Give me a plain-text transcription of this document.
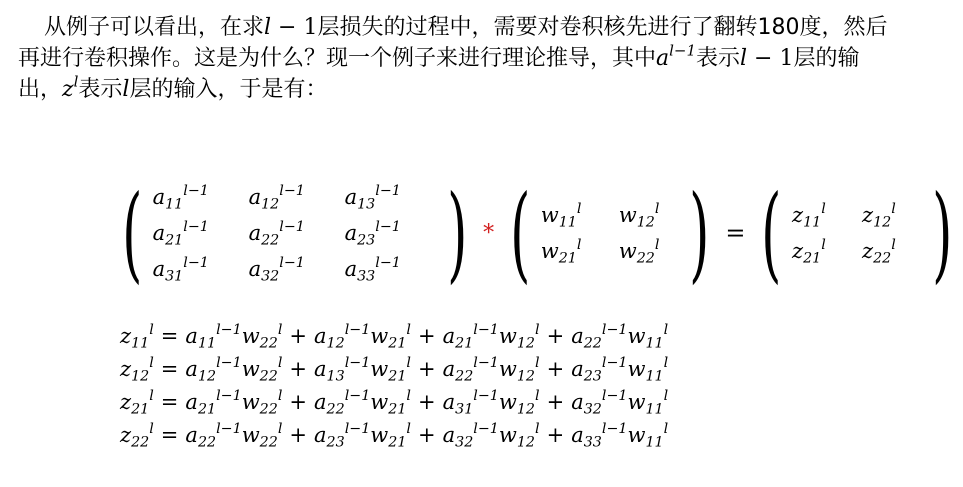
从例子可以看出，在求l − 1层损失的过程中，需要对卷积核先进行了翻转180度，然后再进行卷积操作。这是为什么？现一个例子来进行理论推导，其中$a^{l-1}$表示l − 1层的输出，$z^l$表示l层的输入，于是有：

( $a_{11}^{l-1}$	$a_{12}^{l-1}$	$a_{13}^{l-1}$
$a_{21}^{l-1}$	$a_{22}^{l-1}$	$a_{23}^{l-1}$
$a_{31}^{l-1}$	$a_{32}^{l-1}$	$a_{33}^{l-1}$ ) * ( $w_{11}^l$	$w_{12}^l$
$w_{21}^l$	$w_{22}^l$ ) = ( $z_{11}^l$	$z_{12}^l$
$z_{21}^l$	$z_{22}^l$ )
$z_{11}^l = a_{11}^{l-1}w_{22}^l + a_{12}^{l-1}w_{21}^l + a_{21}^{l-1}w_{12}^l + a_{22}^{l-1}w_{11}^l$
$z_{12}^l = a_{12}^{l-1}w_{22}^l + a_{13}^{l-1}w_{21}^l + a_{22}^{l-1}w_{12}^l + a_{23}^{l-1}w_{11}^l$
$z_{21}^l = a_{21}^{l-1}w_{22}^l + a_{22}^{l-1}w_{21}^l + a_{31}^{l-1}w_{12}^l + a_{32}^{l-1}w_{11}^l$
$z_{22}^l = a_{22}^{l-1}w_{22}^l + a_{23}^{l-1}w_{21}^l + a_{32}^{l-1}w_{12}^l + a_{33}^{l-1}w_{11}^l$
